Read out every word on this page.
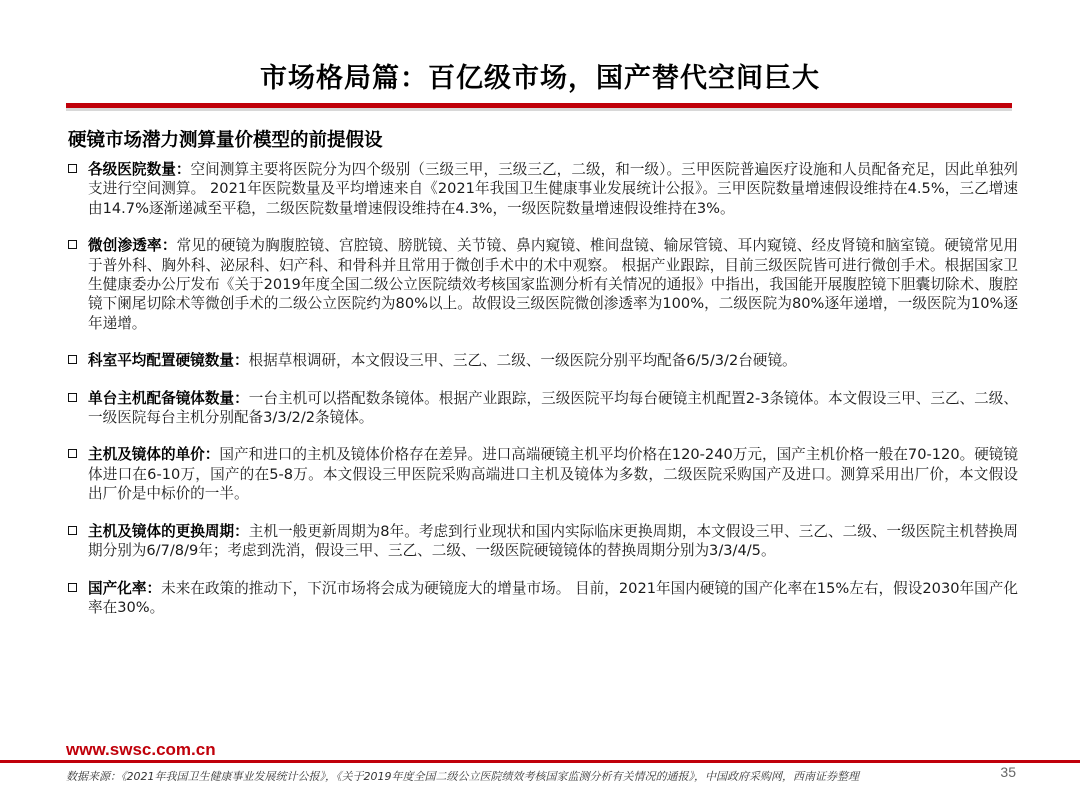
市场格局篇：百亿级市场，国产替代空间巨大
硬镜市场潜力测算量价模型的前提假设
各级医院数量：空间测算主要将医院分为四个级别（三级三甲，三级三乙，二级，和一级）。三甲医院普遍医疗设施和人员配备充足，因此单独列支进行空间测算。 2021年医院数量及平均增速来自《2021年我国卫生健康事业发展统计公报》。三甲医院数量增速假设维持在4.5%，三乙增速由14.7%逐渐递减至平稳，二级医院数量增速假设维持在4.3%，一级医院数量增速假设维持在3%。
微创渗透率：常见的硬镜为胸腹腔镜、宫腔镜、膀胱镜、关节镜、鼻内窥镜、椎间盘镜、输尿管镜、耳内窥镜、经皮肾镜和脑室镜。硬镜常见用于普外科、胸外科、泌尿科、妇产科、和骨科并且常用于微创手术中的术中观察。 根据产业跟踪，目前三级医院皆可进行微创手术。根据国家卫生健康委办公厅发布《关于2019年度全国二级公立医院绩效考核国家监测分析有关情况的通报》中指出，我国能开展腹腔镜下胆囊切除术、腹腔镜下阑尾切除术等微创手术的二级公立医院约为80%以上。故假设三级医院微创渗透率为100%，二级医院为80%逐年递增，一级医院为10%逐年递增。
科室平均配置硬镜数量：根据草根调研，本文假设三甲、三乙、二级、一级医院分别平均配备6/5/3/2台硬镜。
单台主机配备镜体数量：一台主机可以搭配数条镜体。根据产业跟踪，三级医院平均每台硬镜主机配置2-3条镜体。本文假设三甲、三乙、二级、一级医院每台主机分别配备3/3/2/2条镜体。
主机及镜体的单价：国产和进口的主机及镜体价格存在差异。进口高端硬镜主机平均价格在120-240万元，国产主机价格一般在70-120。硬镜镜体进口在6-10万，国产的在5-8万。本文假设三甲医院采购高端进口主机及镜体为多数，二级医院采购国产及进口。测算采用出厂价，本文假设出厂价是中标价的一半。
主机及镜体的更换周期：主机一般更新周期为8年。考虑到行业现状和国内实际临床更换周期，本文假设三甲、三乙、二级、一级医院主机替换周期分别为6/7/8/9年；考虑到洗消，假设三甲、三乙、二级、一级医院硬镜镜体的替换周期分别为3/3/4/5。
国产化率：未来在政策的推动下，下沉市场将会成为硬镜庞大的增量市场。 目前，2021年国内硬镜的国产化率在15%左右，假设2030年国产化率在30%。
www.swsc.com.cn
数据来源：《2021年我国卫生健康事业发展统计公报》，《关于2019年度全国二级公立医院绩效考核国家监测分析有关情况的通报》，中国政府采购网，西南证券整理	35
